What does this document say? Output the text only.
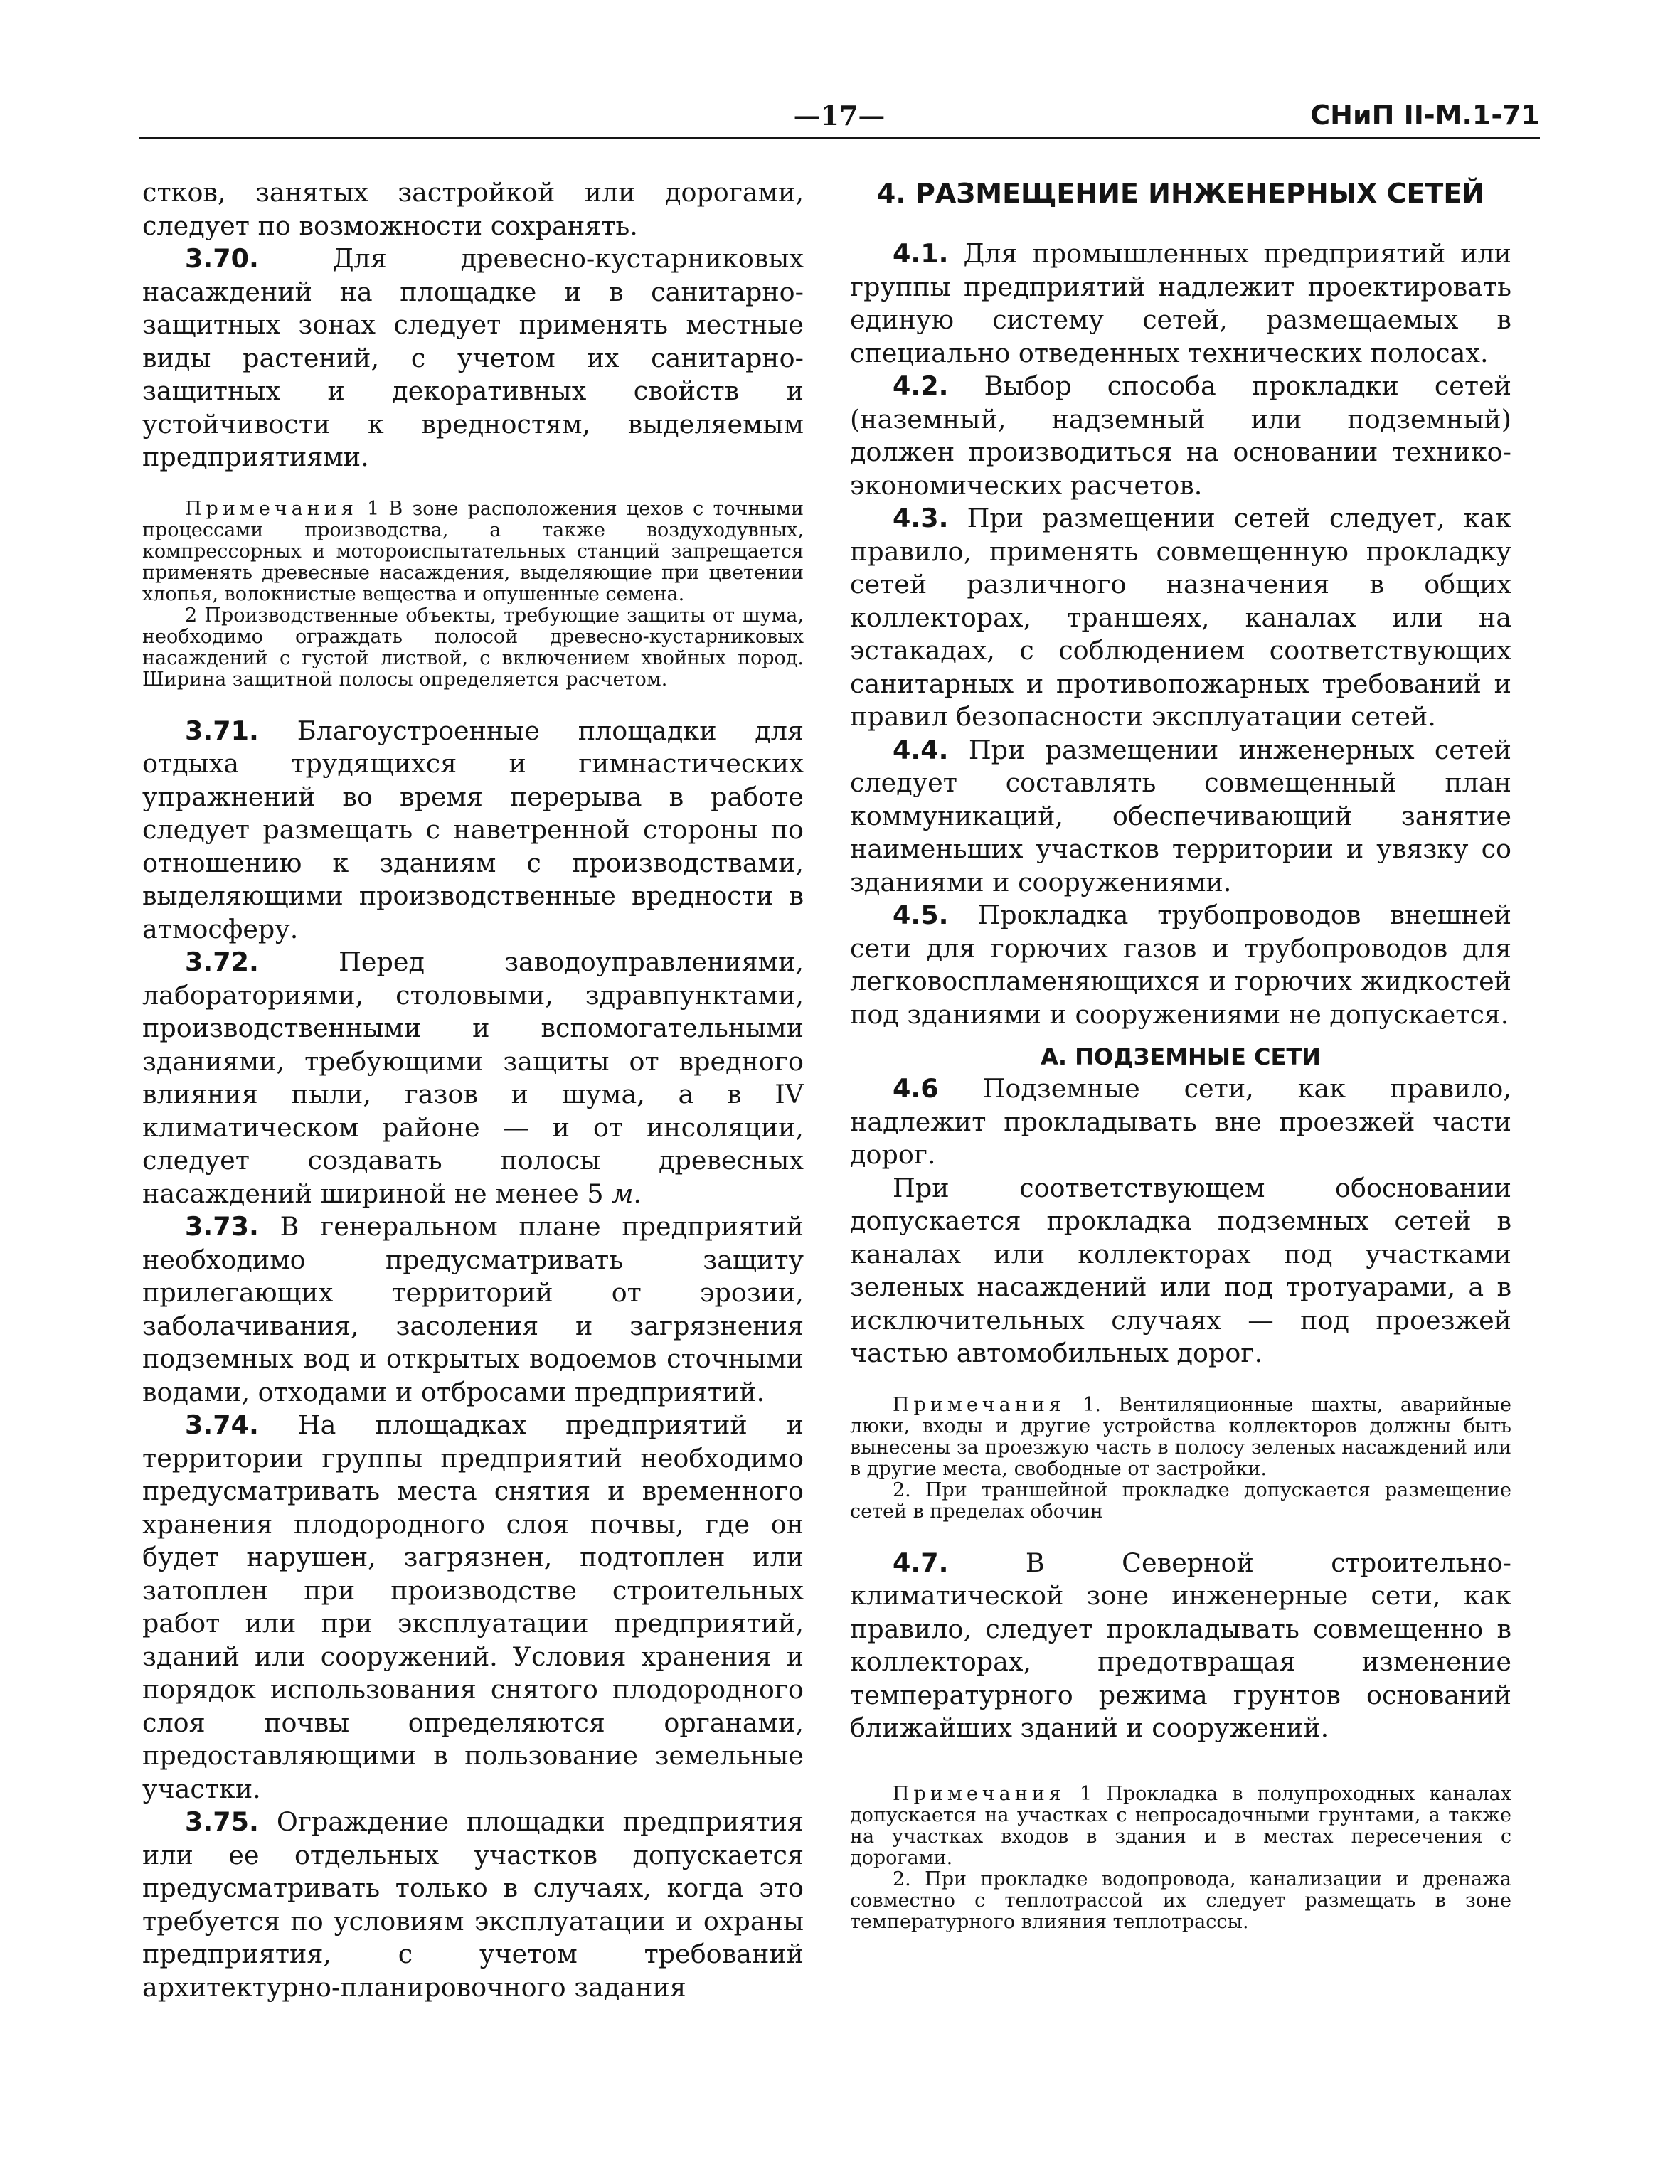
—17—	СНиП II-М.1-71

стков, занятых застройкой или дорогами, следует по возможности сохранять.

3.70.	Для древесно-кустарниковых насаждений на площадке и в санитарно-защитных зонах следует применять местные виды растений, с учетом их санитарно-защитных и декоративных свойств и устойчивости к вредностям, выделяемым предприятиями.

Примечания 1 В зоне расположения цехов с точными процессами производства, а также воздуходувных, компрессорных и мотороиспытательных станций запрещается применять древесные насаждения, выделяющие при цветении хлопья, волокнистые вещества и опушенные семена.

2 Производственные объекты, требующие защиты от шума, необходимо ограждать полосой древесно-кустарниковых насаждений с густой листвой, с включением хвойных пород. Ширина защитной полосы определяется расчетом.

3.71. Благоустроенные площадки для отдыха трудящихся и гимнастических упражнений во время перерыва в работе следует размещать с наветренной стороны по отношению к зданиям с производствами, выделяющими производственные вредности в атмосферу.

3.72.	Перед заводоуправлениями, лабораториями, столовыми, здравпунктами, производственными и вспомогательными зданиями, требующими защиты от вредного влияния пыли, газов и шума, а в IV климатическом районе — и от инсоляции, следует создавать полосы древесных насаждений шириной не менее 5 м.

3.73. В генеральном плане предприятий необходимо предусматривать защиту прилегающих территорий от эрозии, заболачивания, засоления и загрязнения подземных вод и открытых водоемов сточными водами, отходами и отбросами предприятий.

3.74. На площадках предприятий и территории группы предприятий необходимо предусматривать места снятия и временного хранения плодородного слоя почвы, где он будет нарушен, загрязнен, подтоплен или затоплен при производстве строительных работ или при эксплуатации предприятий, зданий или сооружений. Условия хранения и порядок использования снятого плодородного слоя почвы определяются органами, предоставляющими в пользование земельные участки.

3.75. Ограждение площадки предприятия или ее отдельных участков допускается предусматривать только в случаях, когда это требуется по условиям эксплуатации и охраны предприятия, с учетом требований архитектурно-планировочного задания

4. РАЗМЕЩЕНИЕ ИНЖЕНЕРНЫХ СЕТЕЙ

4.1. Для промышленных предприятий или группы предприятий надлежит проектировать единую систему сетей, размещаемых в специально отведенных технических полосах.

4.2. Выбор способа прокладки сетей (наземный, надземный или подземный) должен производиться на основании технико-экономических расчетов.

4.3. При размещении сетей следует, как правило, применять совмещенную прокладку сетей различного назначения в общих коллекторах, траншеях, каналах или на эстакадах, с соблюдением соответствующих санитарных и противопожарных требований и правил безопасности эксплуатации сетей.

4.4. При размещении инженерных сетей следует составлять совмещенный план коммуникаций, обеспечивающий занятие наименьших участков территории и увязку со зданиями и сооружениями.

4.5. Прокладка трубопроводов внешней сети для горючих газов и трубопроводов для легковоспламеняющихся и горючих жидкостей под зданиями и сооружениями не допускается.

А. ПОДЗЕМНЫЕ СЕТИ

4.6 Подземные сети, как правило, надлежит прокладывать вне проезжей части дорог.

При соответствующем обосновании допускается прокладка подземных сетей в каналах или коллекторах под участками зеленых насаждений или под тротуарами, а в исключительных случаях — под проезжей частью автомобильных дорог.

Примечания 1. Вентиляционные шахты, аварийные люки, входы и другие устройства коллекторов должны быть вынесены за проезжую часть в полосу зеленых насаждений или в другие места, свободные от застройки.

2. При траншейной прокладке допускается размещение сетей в пределах обочин

4.7.	В Северной строительно-климатической зоне инженерные сети, как правило, следует прокладывать совмещенно в коллекторах, предотвращая изменение температурного режима грунтов оснований ближайших зданий и сооружений.

Примечания 1 Прокладка в полупроходных каналах допускается на участках с непросадочными грунтами, а также на участках входов в здания и в местах пересечения с дорогами.

2. При прокладке водопровода, канализации и дренажа совместно с теплотрассой их следует размещать в зоне температурного влияния теплотрассы.
